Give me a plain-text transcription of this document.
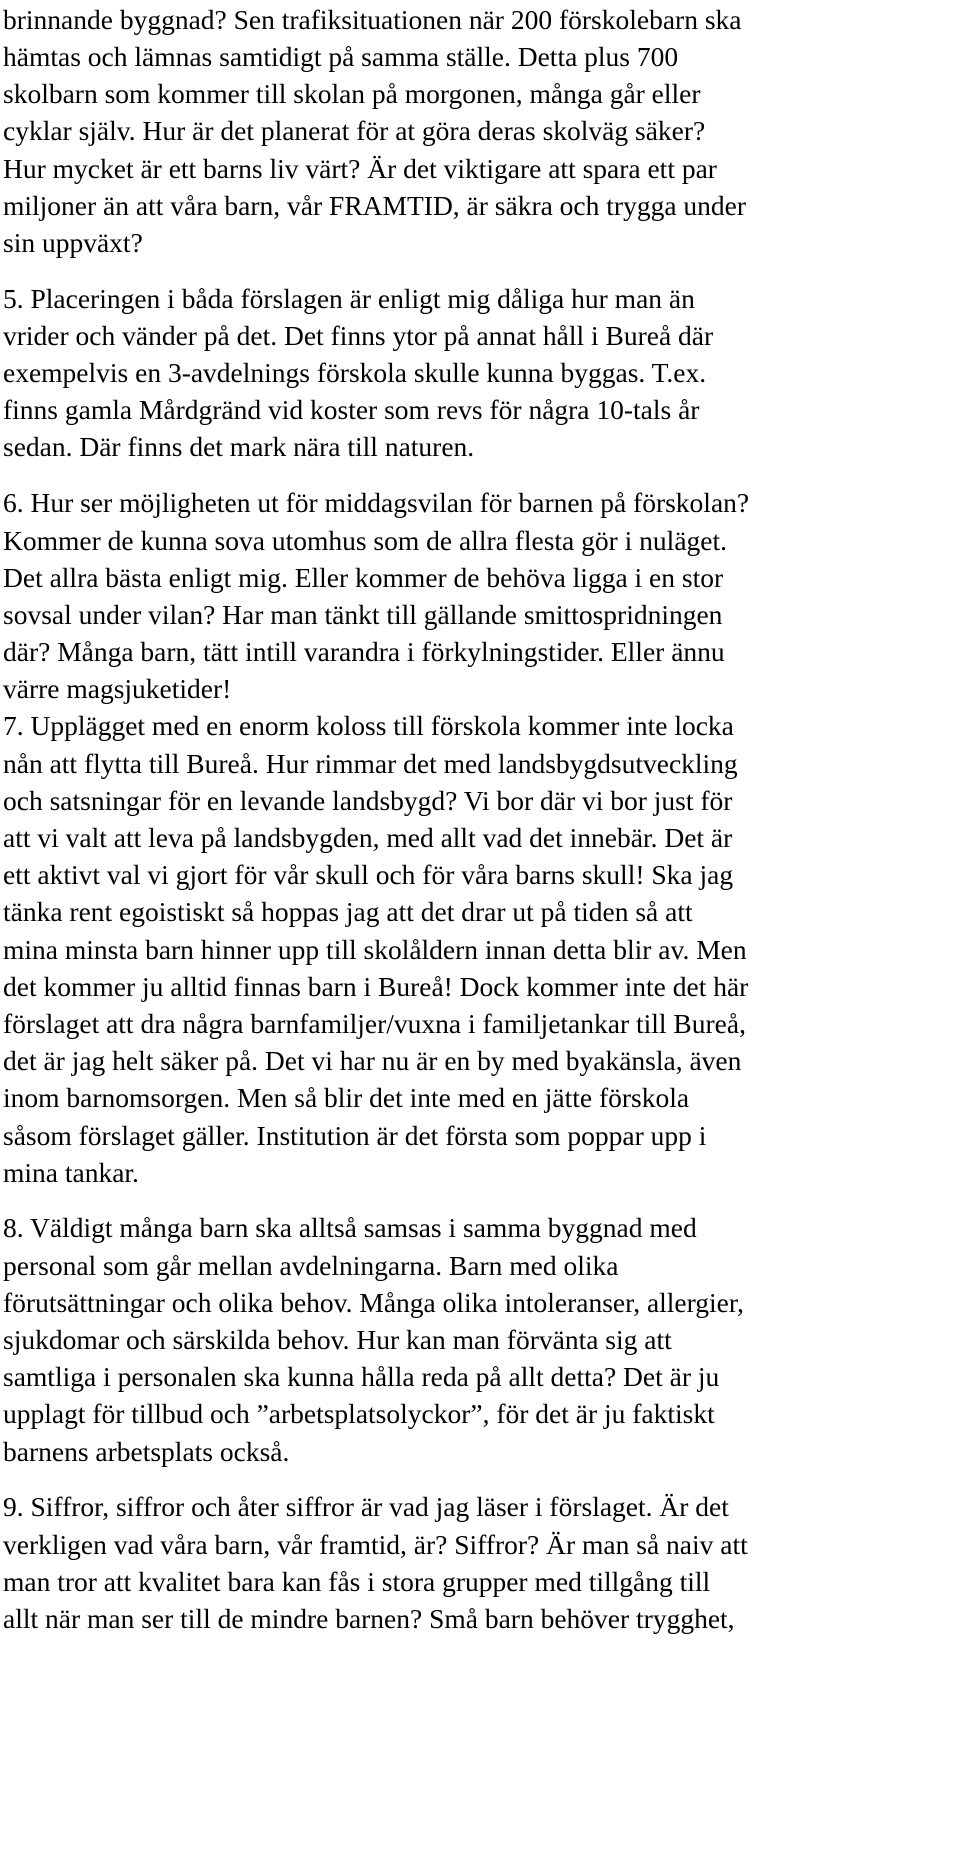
brinnande byggnad? Sen trafiksituationen när 200 förskolebarn ska
hämtas och lämnas samtidigt på samma ställe. Detta plus 700
skolbarn som kommer till skolan på morgonen, många går eller
cyklar själv. Hur är det planerat för at göra deras skolväg säker?
Hur mycket är ett barns liv värt? Är det viktigare att spara ett par
miljoner än att våra barn, vår FRAMTID, är säkra och trygga under
sin uppväxt?
5. Placeringen i båda förslagen är enligt mig dåliga hur man än
vrider och vänder på det. Det finns ytor på annat håll i Bureå där
exempelvis en 3-avdelnings förskola skulle kunna byggas. T.ex.
finns gamla Mårdgränd vid koster som revs för några 10-tals år
sedan. Där finns det mark nära till naturen.
6. Hur ser möjligheten ut för middagsvilan för barnen på förskolan?
Kommer de kunna sova utomhus som de allra flesta gör i nuläget.
Det allra bästa enligt mig. Eller kommer de behöva ligga i en stor
sovsal under vilan? Har man tänkt till gällande smittospridningen
där? Många barn, tätt intill varandra i förkylningstider. Eller ännu
värre magsjuketider!
7. Upplägget med en enorm koloss till förskola kommer inte locka
nån att flytta till Bureå. Hur rimmar det med landsbygdsutveckling
och satsningar för en levande landsbygd? Vi bor där vi bor just för
att vi valt att leva på landsbygden, med allt vad det innebär. Det är
ett aktivt val vi gjort för vår skull och för våra barns skull! Ska jag
tänka rent egoistiskt så hoppas jag att det drar ut på tiden så att
mina minsta barn hinner upp till skolåldern innan detta blir av. Men
det kommer ju alltid finnas barn i Bureå! Dock kommer inte det här
förslaget att dra några barnfamiljer/vuxna i familjetankar till Bureå,
det är jag helt säker på. Det vi har nu är en by med byakänsla, även
inom barnomsorgen. Men så blir det inte med en jätte förskola
såsom förslaget gäller. Institution är det första som poppar upp i
mina tankar.
8. Väldigt många barn ska alltså samsas i samma byggnad med
personal som går mellan avdelningarna. Barn med olika
förutsättningar och olika behov. Många olika intoleranser, allergier,
sjukdomar och särskilda behov. Hur kan man förvänta sig att
samtliga i personalen ska kunna hålla reda på allt detta? Det är ju
upplagt för tillbud och ”arbetsplatsolyckor”, för det är ju faktiskt
barnens arbetsplats också.
9. Siffror, siffror och åter siffror är vad jag läser i förslaget. Är det
verkligen vad våra barn, vår framtid, är? Siffror? Är man så naiv att
man tror att kvalitet bara kan fås i stora grupper med tillgång till
allt när man ser till de mindre barnen? Små barn behöver trygghet,
